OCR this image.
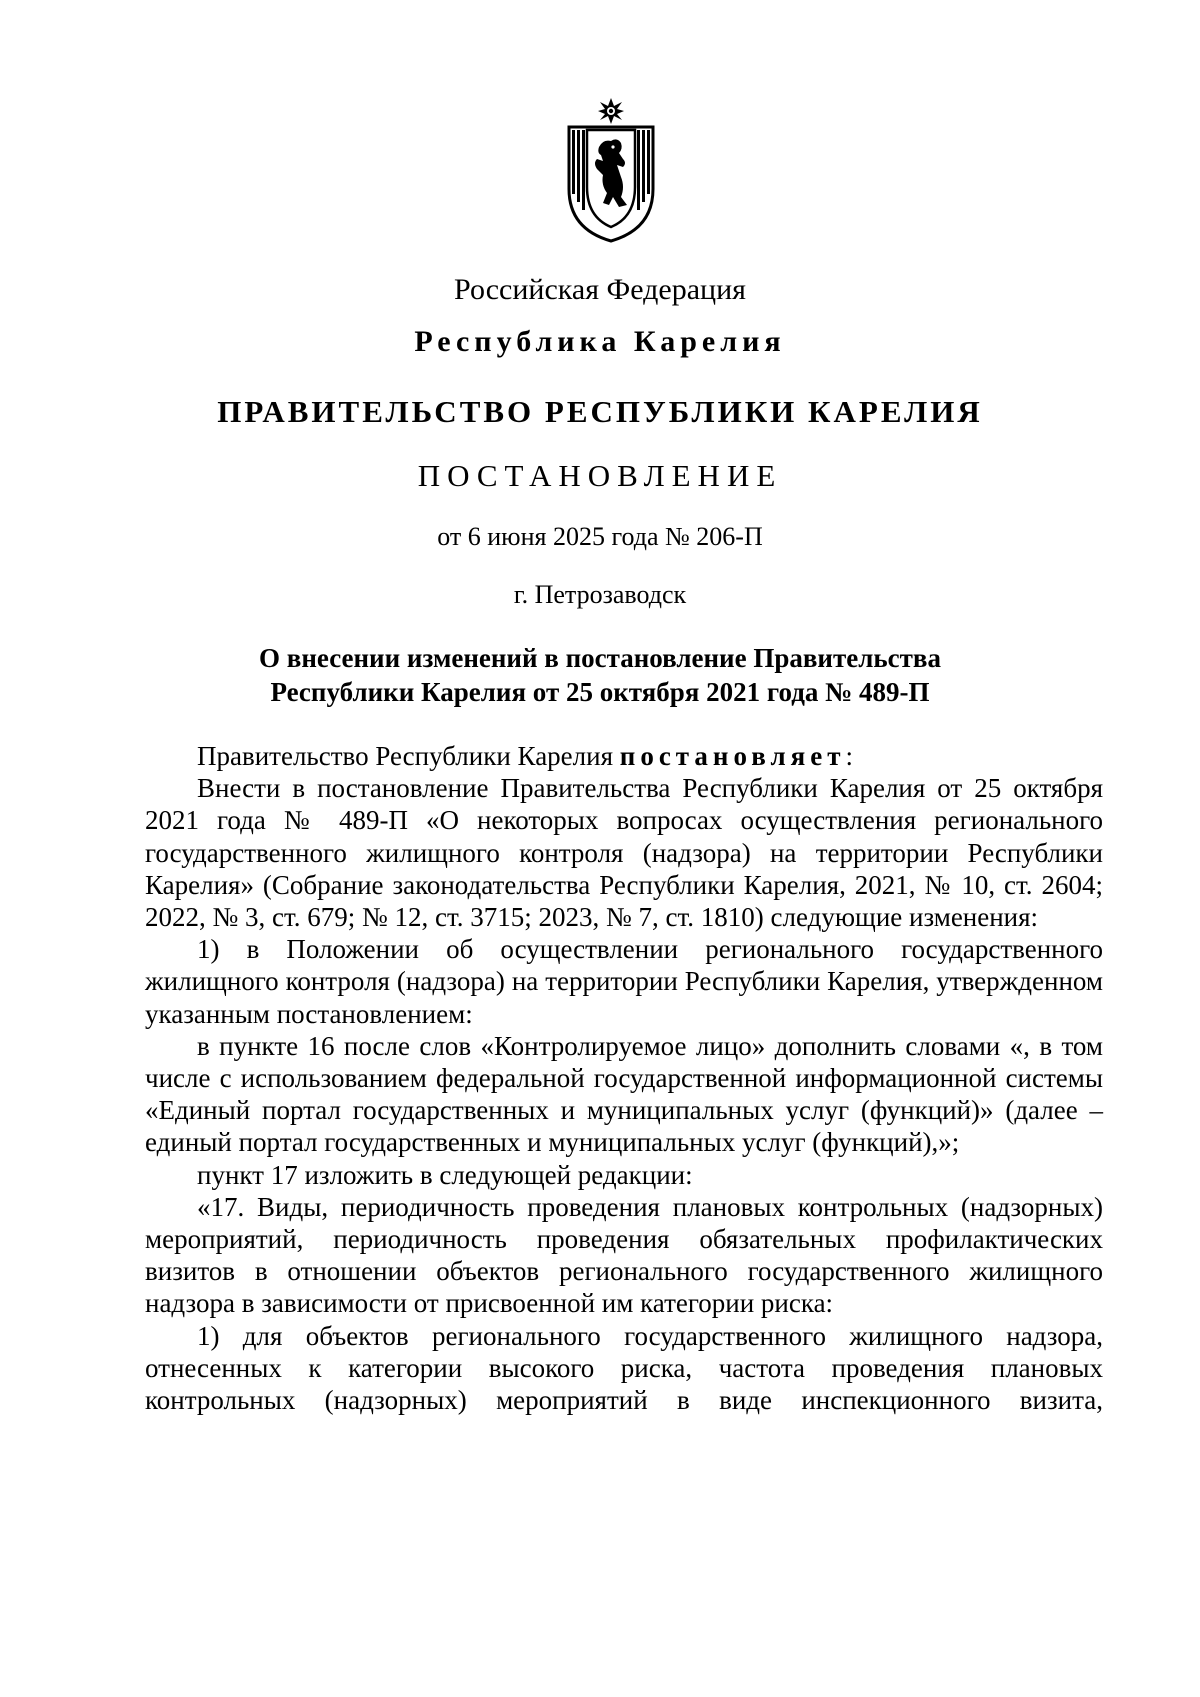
Российская Федерация
Республика Карелия
ПРАВИТЕЛЬСТВО РЕСПУБЛИКИ КАРЕЛИЯ
ПОСТАНОВЛЕНИЕ
от 6 июня 2025 года № 206-П
г. Петрозаводск
О внесении изменений в постановление Правительства
Республики Карелия от 25 октября 2021 года № 489-П

Правительство Республики Карелия постановляет:

Внести в постановление Правительства Республики Карелия от 25 октября 2021 года № 489-П «О некоторых вопросах осуществления регионального государственного жилищного контроля (надзора) на территории Республики Карелия» (Собрание законодательства Республики Карелия, 2021, № 10, ст. 2604; 2022, № 3, ст. 679; № 12, ст. 3715; 2023, № 7, ст. 1810) следующие изменения:

1) в Положении об осуществлении регионального государственного жилищного контроля (надзора) на территории Республики Карелия, утвержденном указанным постановлением:

в пункте 16 после слов «Контролируемое лицо» дополнить словами «, в том числе с использованием федеральной государственной информационной системы «Единый портал государственных и муниципальных услуг (функций)» (далее – единый портал государственных и муниципальных услуг (функций),»;

пункт 17 изложить в следующей редакции:

«17. Виды, периодичность проведения плановых контрольных (надзорных) мероприятий, периодичность проведения обязательных профилактических визитов в отношении объектов регионального государственного жилищного надзора в зависимости от присвоенной им категории риска:

1) для объектов регионального государственного жилищного надзора, отнесенных к категории высокого риска, частота проведения плановых контрольных (надзорных) мероприятий в виде инспекционного визита,
